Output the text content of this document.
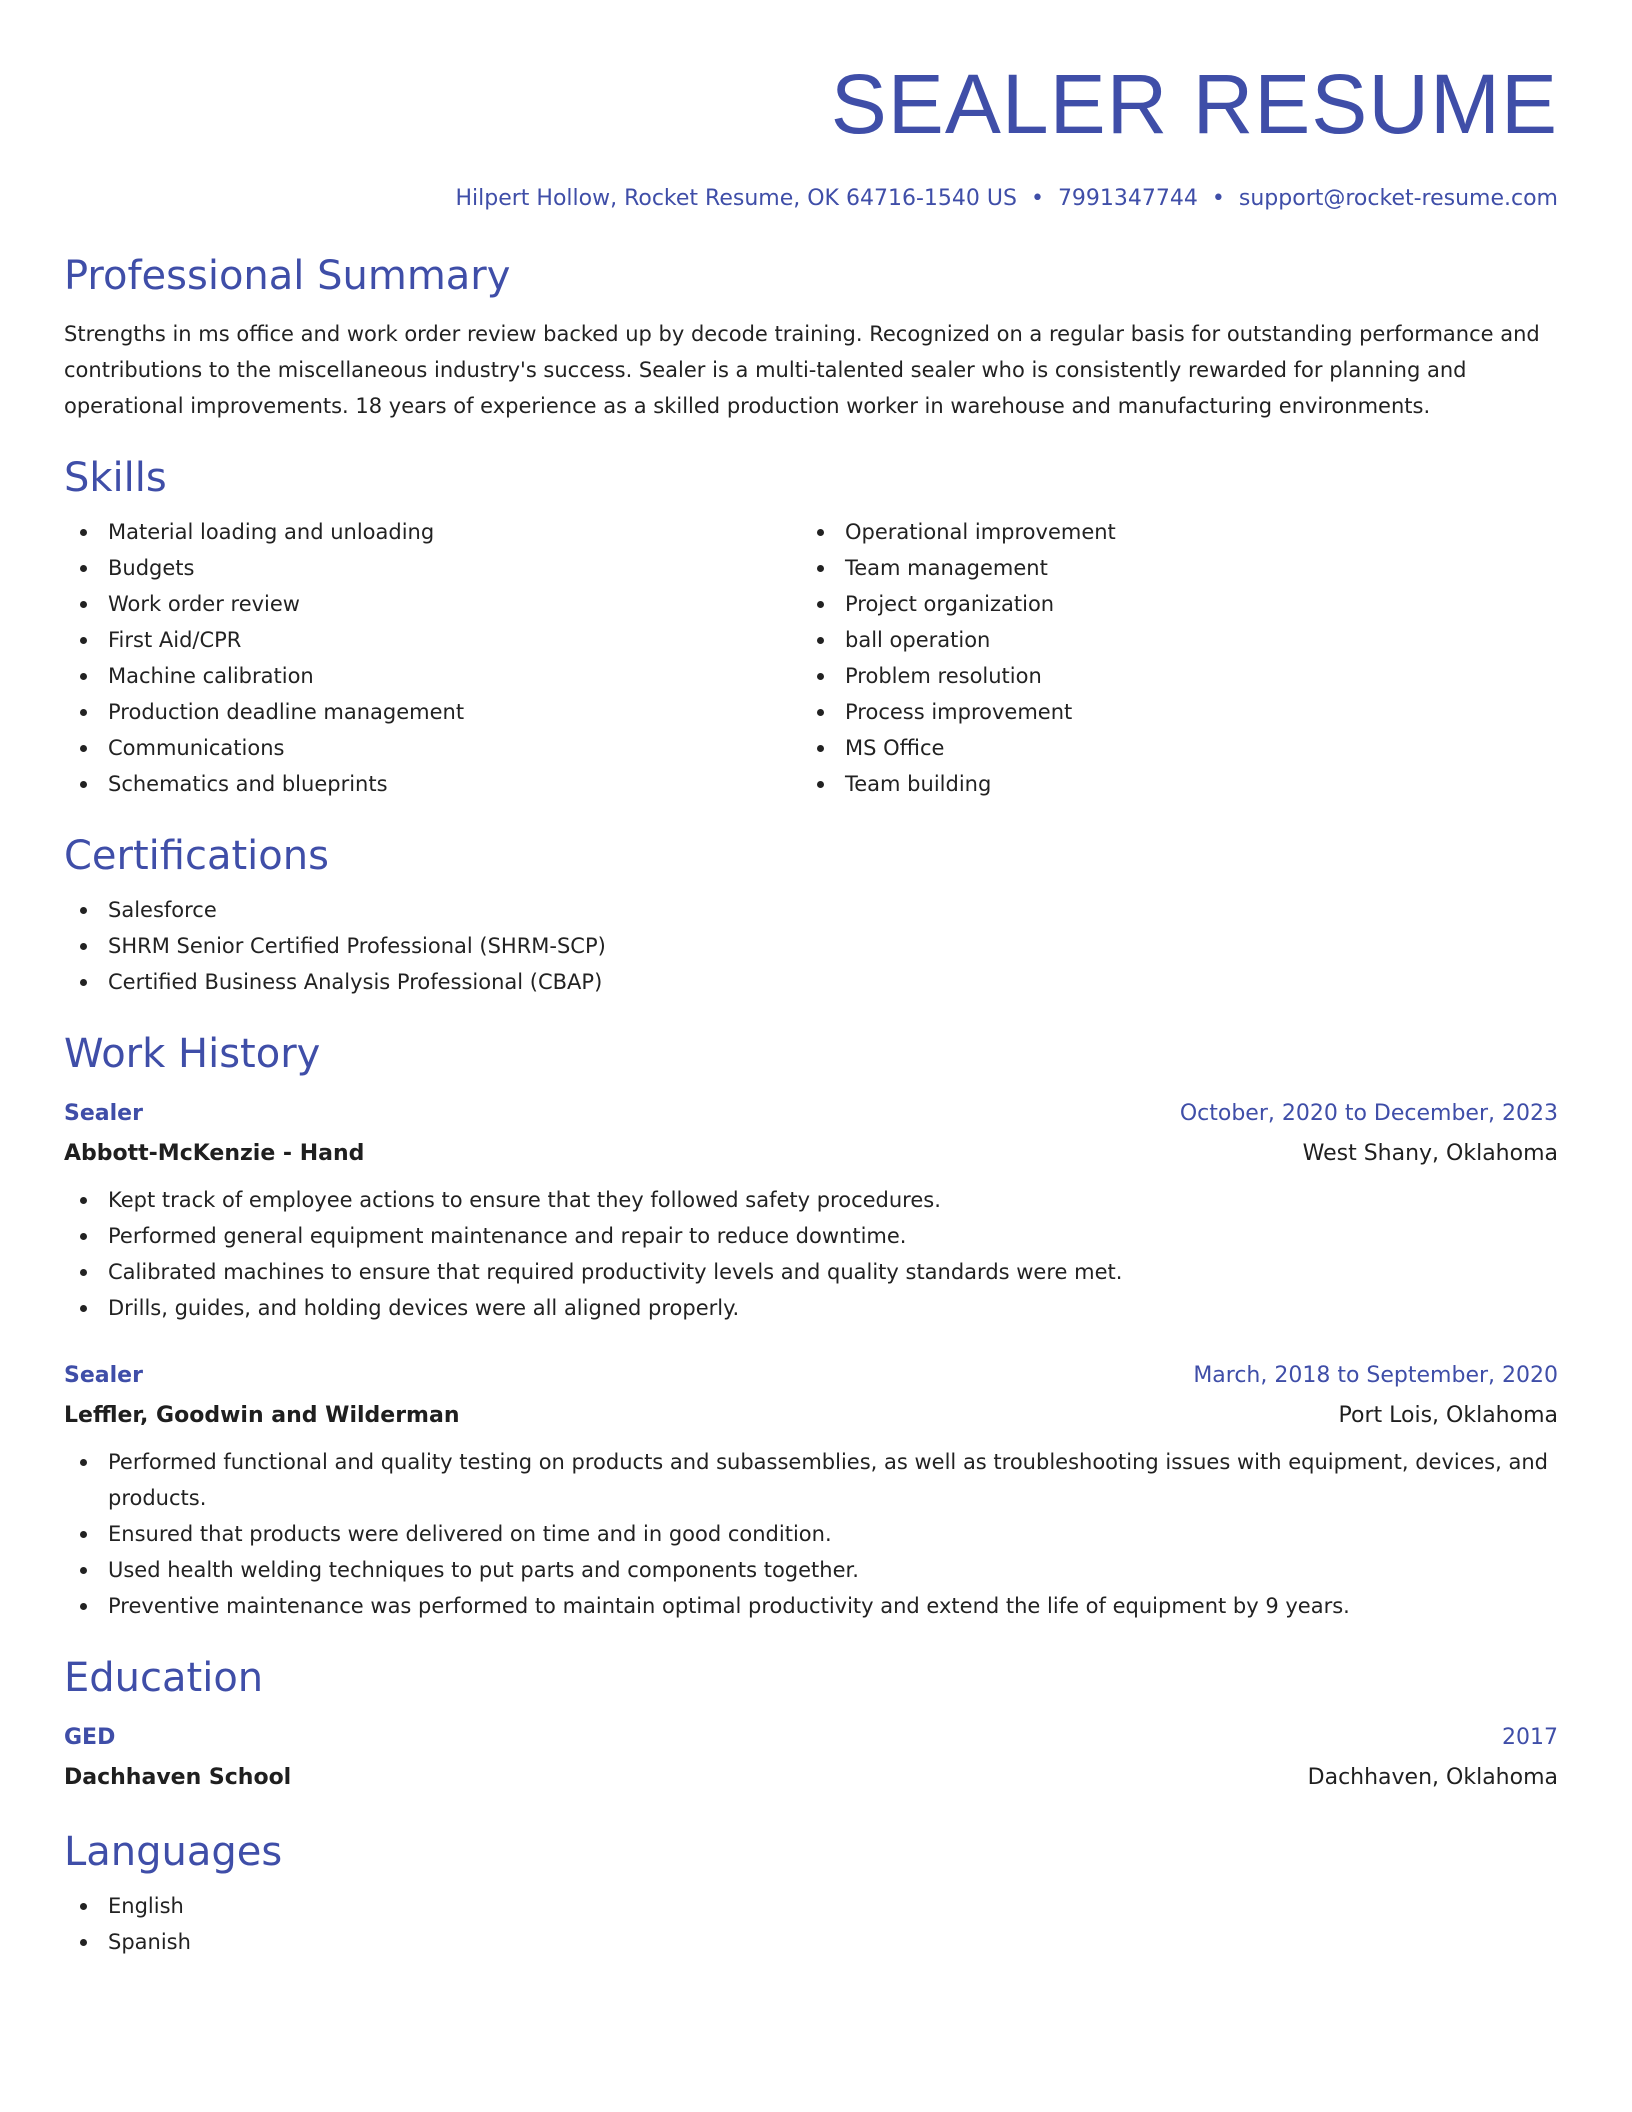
SEALER RESUME
Hilpert Hollow, Rocket Resume, OK 64716-1540 US • 7991347744 • support@rocket-resume.com
Professional Summary

Strengths in ms office and work order review backed up by decode training. Recognized on a regular basis for outstanding performance and contributions to the miscellaneous industry's success. Sealer is a multi-talented sealer who is consistently rewarded for planning and operational improvements. 18 years of experience as a skilled production worker in warehouse and manufacturing environments.

Skills
Material loading and unloading
Budgets
Work order review
First Aid/CPR
Machine calibration
Production deadline management
Communications
Schematics and blueprints
Operational improvement
Team management
Project organization
ball operation
Problem resolution
Process improvement
MS Office
Team building
Certifications
Salesforce
SHRM Senior Certified Professional (SHRM-SCP)
Certified Business Analysis Professional (CBAP)
Work History
Sealer	October, 2020 to December, 2023
Abbott-McKenzie - Hand	West Shany, Oklahoma
Kept track of employee actions to ensure that they followed safety procedures.
Performed general equipment maintenance and repair to reduce downtime.
Calibrated machines to ensure that required productivity levels and quality standards were met.
Drills, guides, and holding devices were all aligned properly.
Sealer	March, 2018 to September, 2020
Leffler, Goodwin and Wilderman	Port Lois, Oklahoma
Performed functional and quality testing on products and subassemblies, as well as troubleshooting issues with equipment, devices, and products.
Ensured that products were delivered on time and in good condition.
Used health welding techniques to put parts and components together.
Preventive maintenance was performed to maintain optimal productivity and extend the life of equipment by 9 years.
Education
GED	2017
Dachhaven School	Dachhaven, Oklahoma
Languages
English
Spanish
